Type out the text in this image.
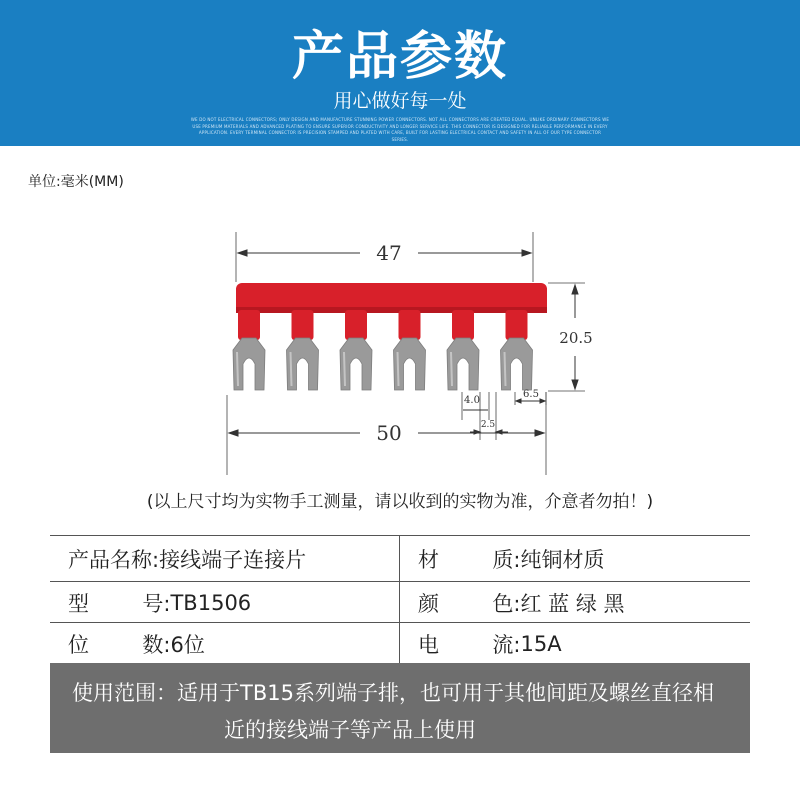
产品参数
用心做好每一处
WE DO NOT ELECTRICAL CONNECTORS; ONLY DESIGN AND MANUFACTURE STUNNING POWER CONNECTORS. NOT ALL CONNECTORS ARE CREATED EQUAL. UNLIKE ORDINARY CONNECTORS WE USE PREMIUM MATERIALS AND ADVANCED PLATING TO ENSURE SUPERIOR CONDUCTIVITY AND LONGER SERVICE LIFE. THIS CONNECTOR IS DESIGNED FOR RELIABLE PERFORMANCE IN EVERY APPLICATION. EVERY TERMINAL CONNECTOR IS PRECISION STAMPED AND PLATED WITH CARE, BUILT FOR LASTING ELECTRICAL CONTACT AND SAFETY IN ALL OF OUR TYPE CONNECTOR SERIES.
单位:毫米(MM)
47
50
20.5
4.0
2.5
6.5
(以上尺寸均为实物手工测量，请以收到的实物为准，介意者勿拍！)
产品名称: 接线端子连接片	材        质: 纯铜材质
型        号: TB1506	颜        色: 红 蓝 绿 黑
位        数: 6位	电        流: 15A
使用范围：适用于TB15系列端子排，也可用于其他间距及螺丝直径相
近的接线端子等产品上使用
